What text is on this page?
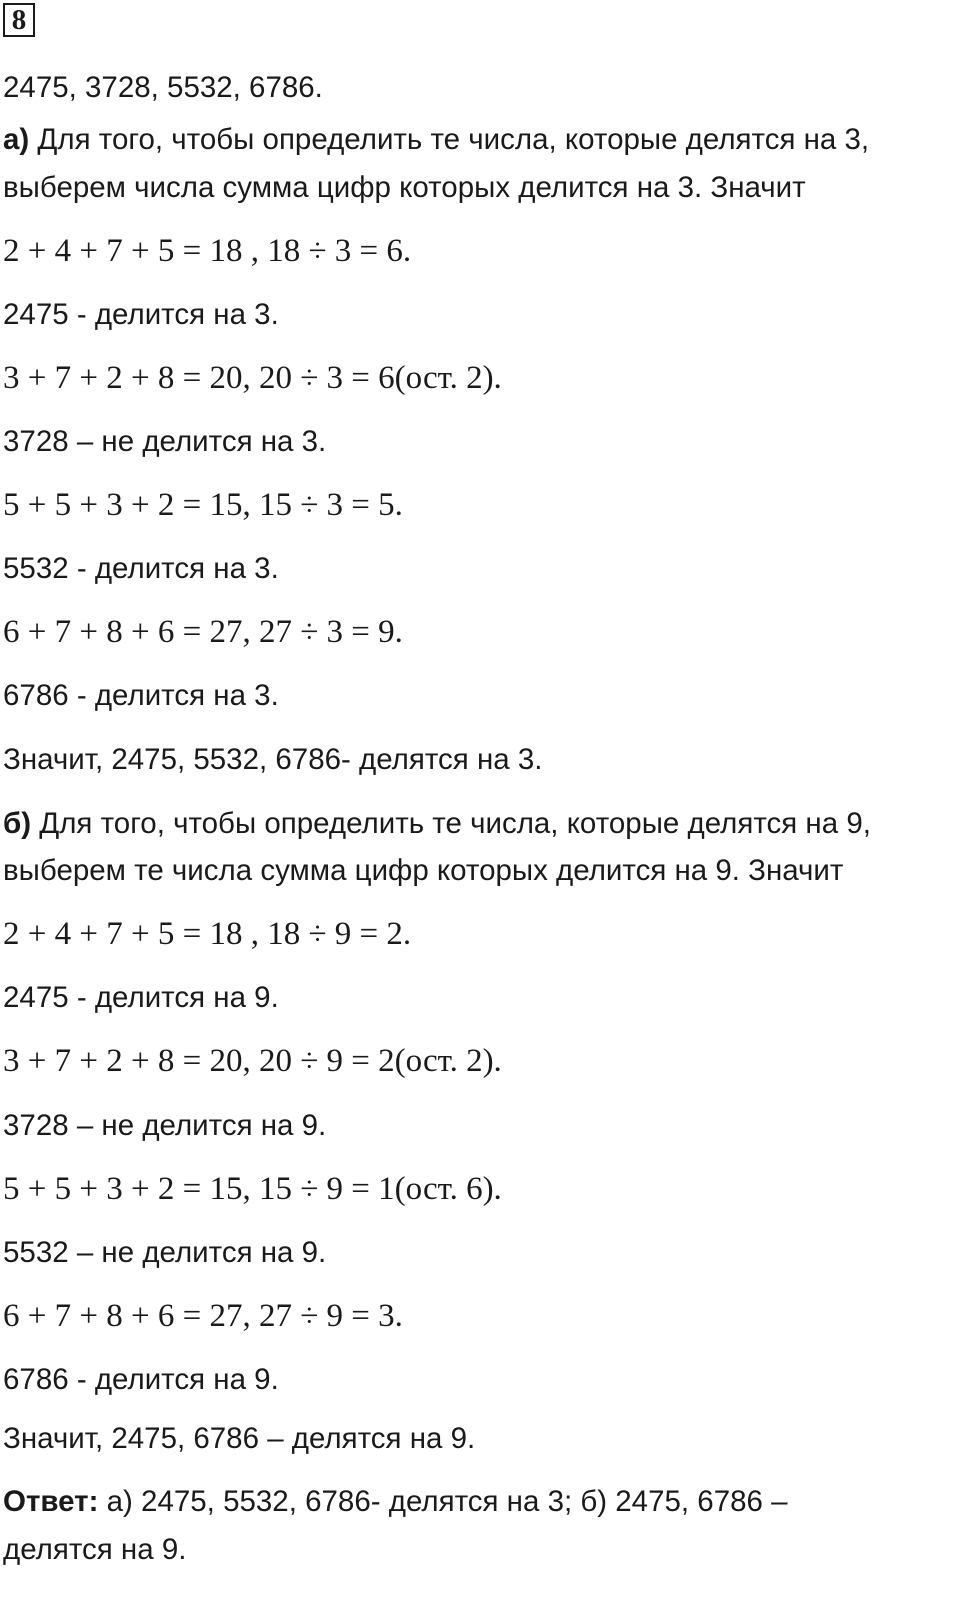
8
2475, 3728, 5532, 6786.
а) Для того, чтобы определить те числа, которые делятся на 3,
выберем числа сумма цифр которых делится на 3. Значит
2 + 4 + 7 + 5 = 18 , 18 ÷ 3 = 6.
2475 - делится на 3.
3 + 7 + 2 + 8 = 20, 20 ÷ 3 = 6(ост. 2).
3728 – не делится на 3.
5 + 5 + 3 + 2 = 15, 15 ÷ 3 = 5.
5532 - делится на 3.
6 + 7 + 8 + 6 = 27, 27 ÷ 3 = 9.
6786 - делится на 3.
Значит, 2475, 5532, 6786- делятся на 3.
б) Для того, чтобы определить те числа, которые делятся на 9,
выберем те числа сумма цифр которых делится на 9. Значит
2 + 4 + 7 + 5 = 18 , 18 ÷ 9 = 2.
2475 - делится на 9.
3 + 7 + 2 + 8 = 20, 20 ÷ 9 = 2(ост. 2).
3728 – не делится на 9.
5 + 5 + 3 + 2 = 15, 15 ÷ 9 = 1(ост. 6).
5532 – не делится на 9.
6 + 7 + 8 + 6 = 27, 27 ÷ 9 = 3.
6786 - делится на 9.
Значит, 2475, 6786 – делятся на 9.
Ответ: а) 2475, 5532, 6786- делятся на 3; б) 2475, 6786 –
делятся на 9.
